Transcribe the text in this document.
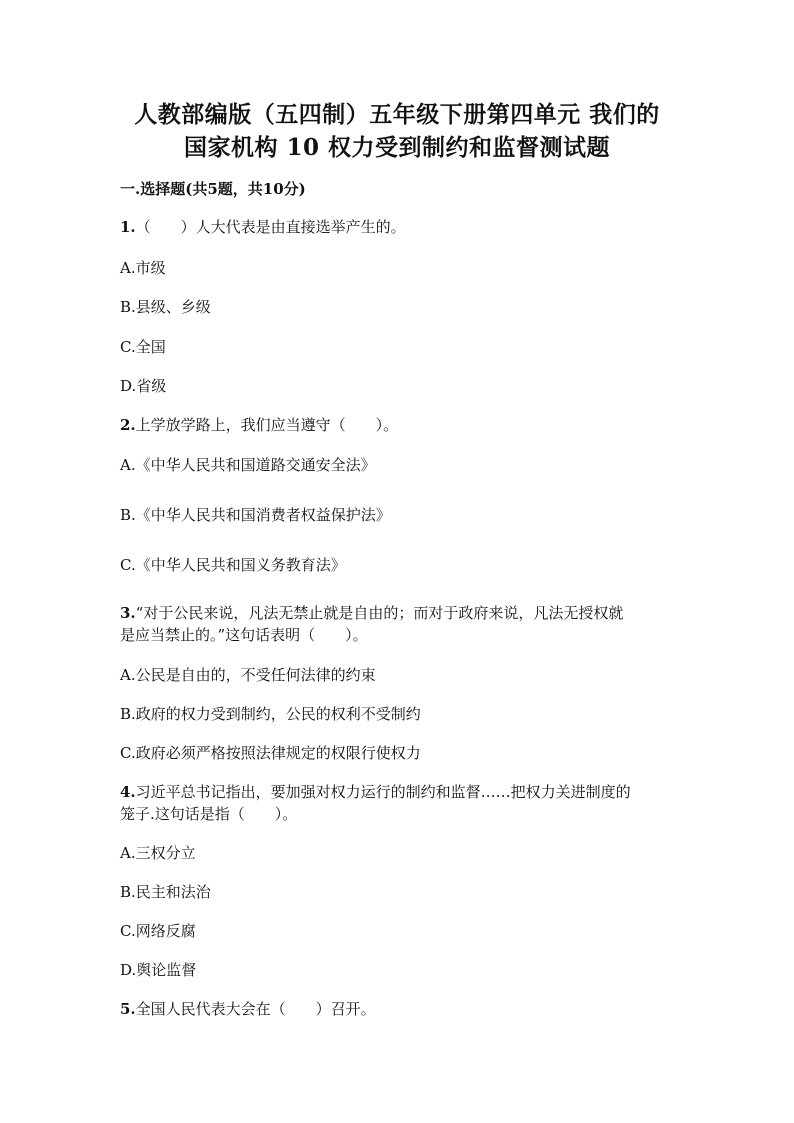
人教部编版（五四制）五年级下册第四单元 我们的
国家机构 10 权力受到制约和监督测试题
一.选择题(共5题，共10分)
1.（　　）人大代表是由直接选举产生的。
A.市级
B.县级、乡级
C.全国
D.省级
2.上学放学路上，我们应当遵守（　　）。
A.《中华人民共和国道路交通安全法》
B.《中华人民共和国消费者权益保护法》
C.《中华人民共和国义务教育法》
3.“对于公民来说，凡法无禁止就是自由的；而对于政府来说，凡法无授权就
是应当禁止的。”这句话表明（　　）。
A.公民是自由的，不受任何法律的约束
B.政府的权力受到制约，公民的权利不受制约
C.政府必须严格按照法律规定的权限行使权力
4.习近平总书记指出，要加强对权力运行的制约和监督……把权力关进制度的
笼子.这句话是指（　　）。
A.三权分立
B.民主和法治
C.网络反腐
D.舆论监督
5.全国人民代表大会在（　　）召开。
